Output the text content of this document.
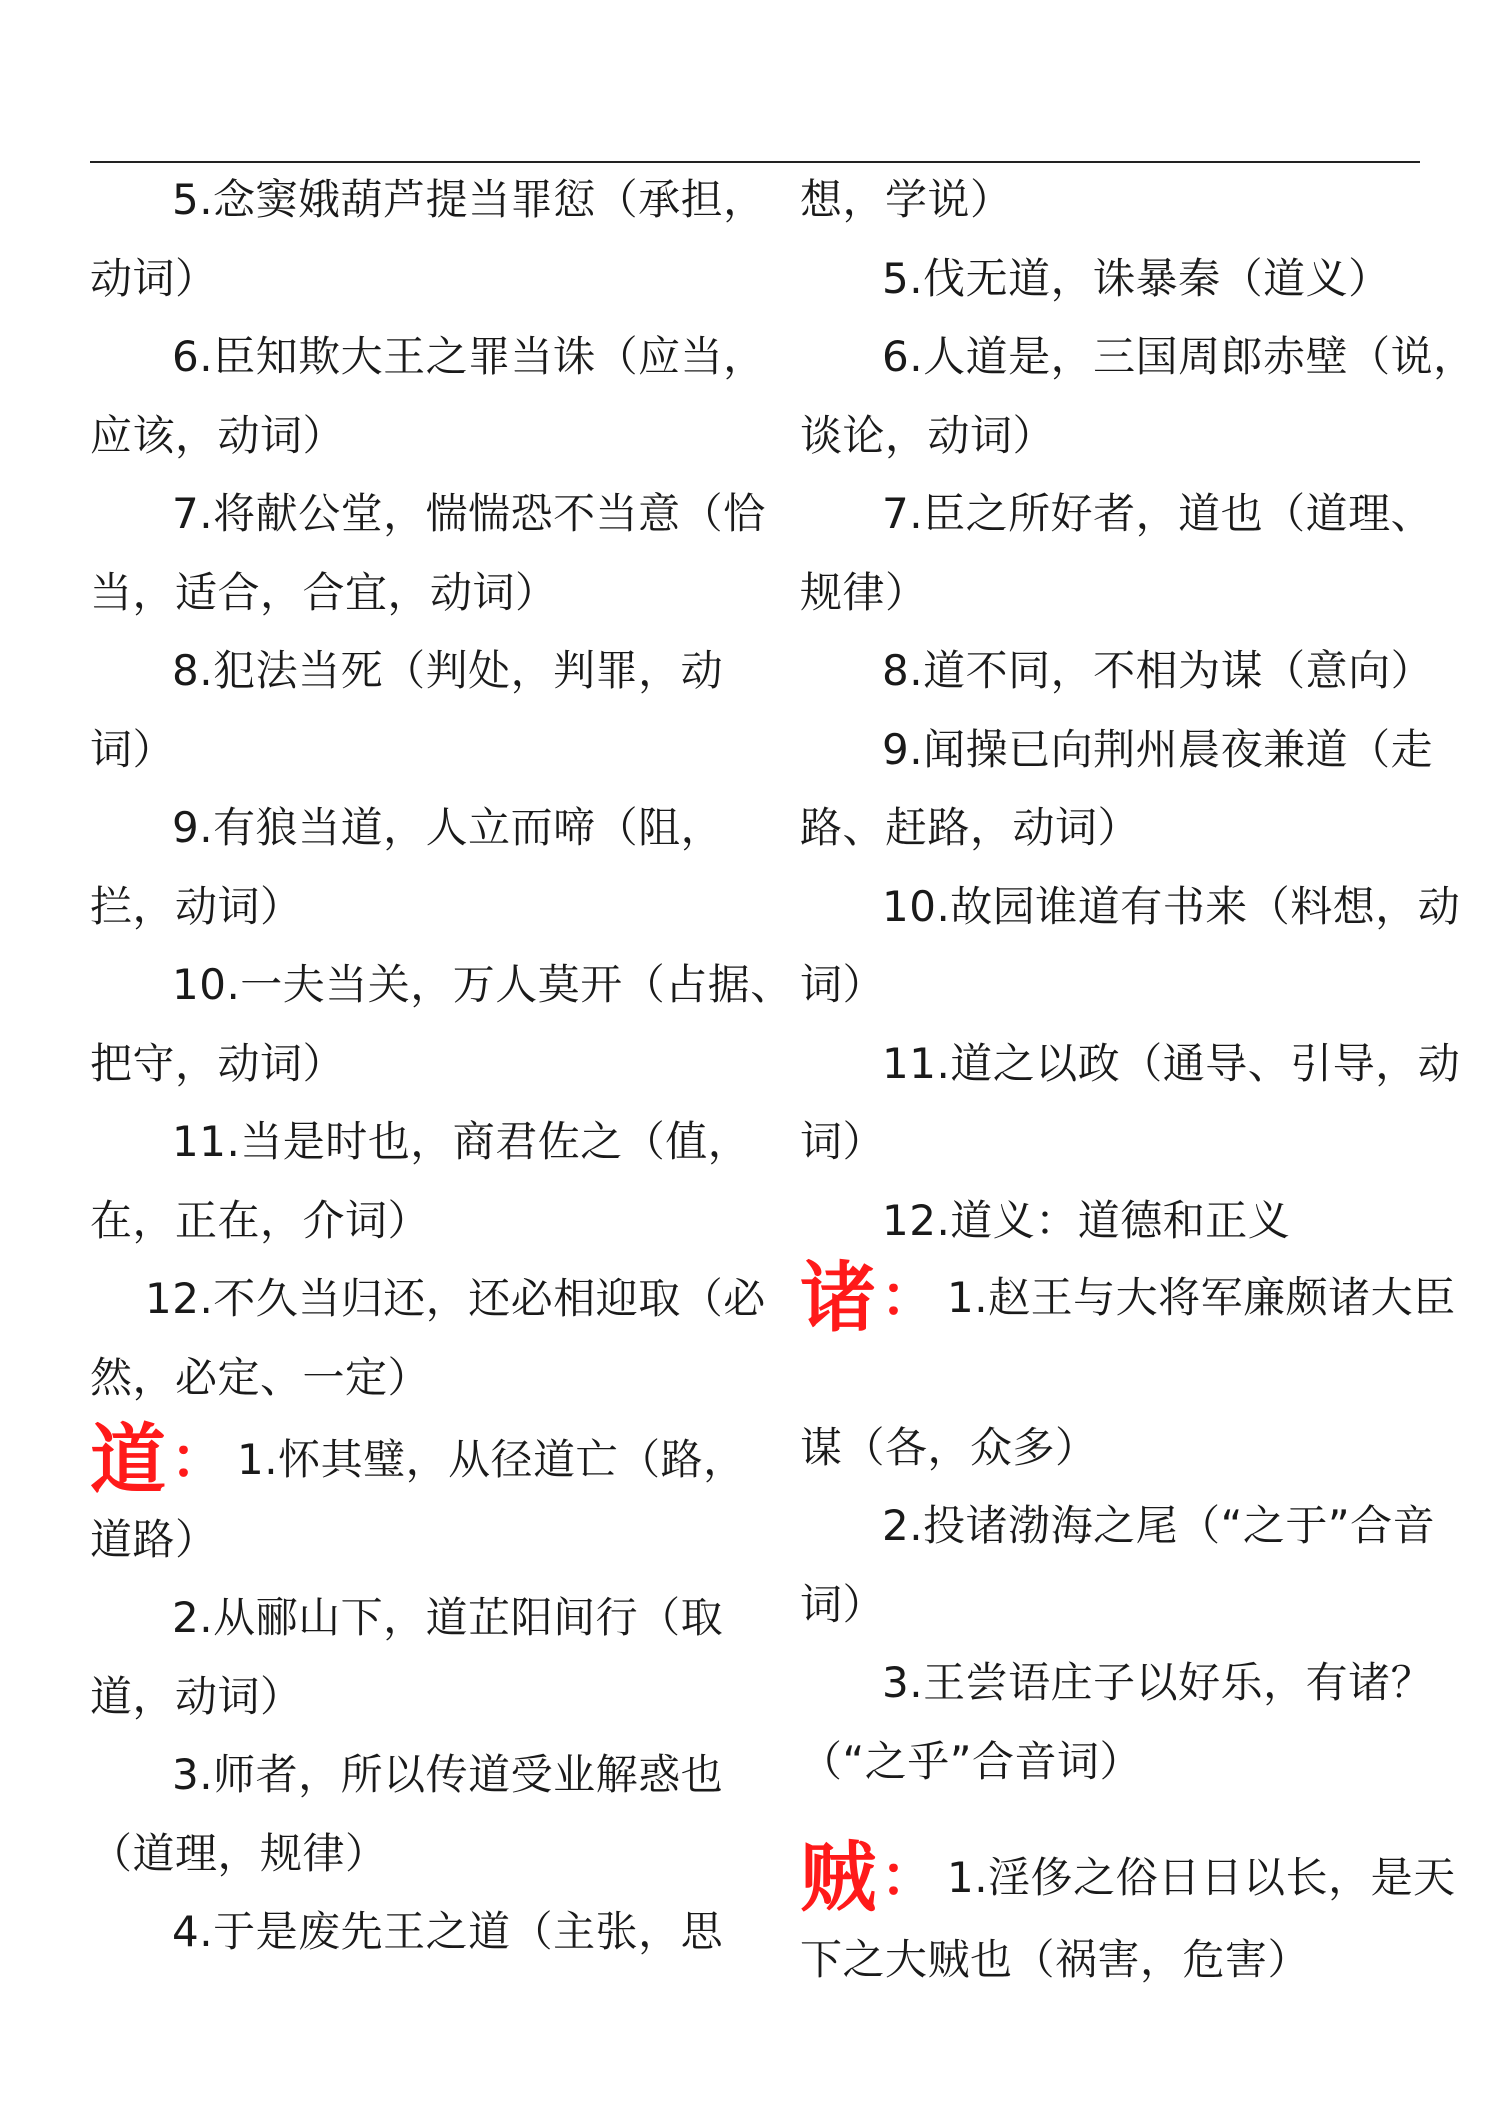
道： 1.怀其璧，从径道亡（路，
5.念窦娥葫芦提当罪愆（承担，
动词）
6.臣知欺大王之罪当诛（应当，
应该，动词）
7.将献公堂，惴惴恐不当意（恰
当，适合，合宜，动词）
8.犯法当死（判处，判罪，动
词）
9.有狼当道，人立而啼（阻，
拦，动词）
10.一夫当关，万人莫开（占据、
把守，动词）
11.当是时也，商君佐之（值，
在，正在，介词）
12.不久当归还，还必相迎取（必
然，必定、一定）
道路）
2.从郦山下，道芷阳间行（取
道，动词）
3.师者，所以传道受业解惑也
（道理，规律）
4.于是废先王之道（主张，思
诸： 1.赵王与大将军廉颇诸大臣
贼： 1.淫侈之俗日日以长，是天
想，学说）
5.伐无道，诛暴秦（道义）
6.人道是，三国周郎赤壁（说，
谈论，动词）
7.臣之所好者，道也（道理、
规律）
8.道不同，不相为谋（意向）
9.闻操已向荆州晨夜兼道（走
路、赶路，动词）
10.故园谁道有书来（料想，动
词）
11.道之以政（通导、引导，动
词）
12.道义：道德和正义
谋（各，众多）
2.投诸渤海之尾（“之于”合音
词）
3.王尝语庄子以好乐，有诸？
（“之乎”合音词）
下之大贼也（祸害，危害）
